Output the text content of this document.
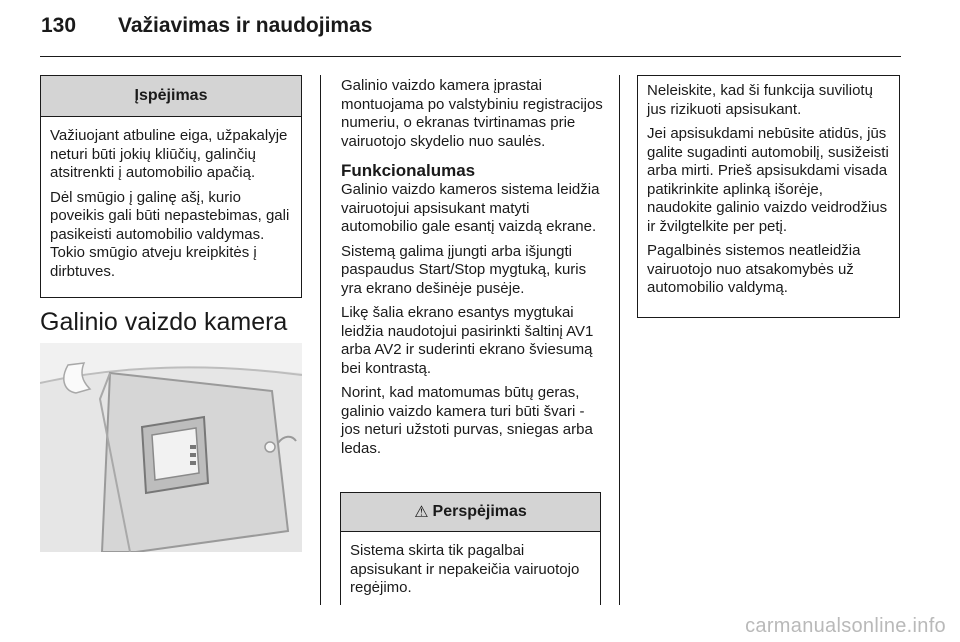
130 Važiavimas ir naudojimas
Įspėjimas

Važiuojant atbuline eiga, užpakalyje neturi būti jokių kliūčių, galinčių atsitrenkti į automobilio apačią.

Dėl smūgio į galinę ašį, kurio poveikis gali būti nepastebimas, gali pasikeisti automobilio valdymas. Tokio smūgio atveju kreipkitės į dirbtuves.

Galinio vaizdo kamera

Galinio vaizdo kamera įprastai montuojama po valstybiniu registracijos numeriu, o ekranas tvirtinamas prie vairuotojo skydelio nuo saulės.

Funkcionalumas

Galinio vaizdo kameros sistema leidžia vairuotojui apsisukant matyti automobilio gale esantį vaizdą ekrane.

Sistemą galima įjungti arba išjungti paspaudus Start/Stop mygtuką, kuris yra ekrano dešinėje pusėje.

Likę šalia ekrano esantys mygtukai leidžia naudotojui pasirinkti šaltinį AV1 arba AV2 ir suderinti ekrano šviesumą bei kontrastą.

Norint, kad matomumas būtų geras, galinio vaizdo kamera turi būti švari - jos neturi užstoti purvas, sniegas arba ledas.

⚠ Perspėjimas

Sistema skirta tik pagalbai apsisukant ir nepakeičia vairuotojo regėjimo.

Neleiskite, kad ši funkcija suviliotų jus rizikuoti apsisukant.

Jei apsisukdami nebūsite atidūs, jūs galite sugadinti automobilį, susižeisti arba mirti. Prieš apsisukdami visada patikrinkite aplinką išorėje, naudokite galinio vaizdo veidrodžius ir žvilgtelkite per petį.

Pagalbinės sistemos neatleidžia vairuotojo nuo atsakomybės už automobilio valdymą.

carmanualsonline.info
